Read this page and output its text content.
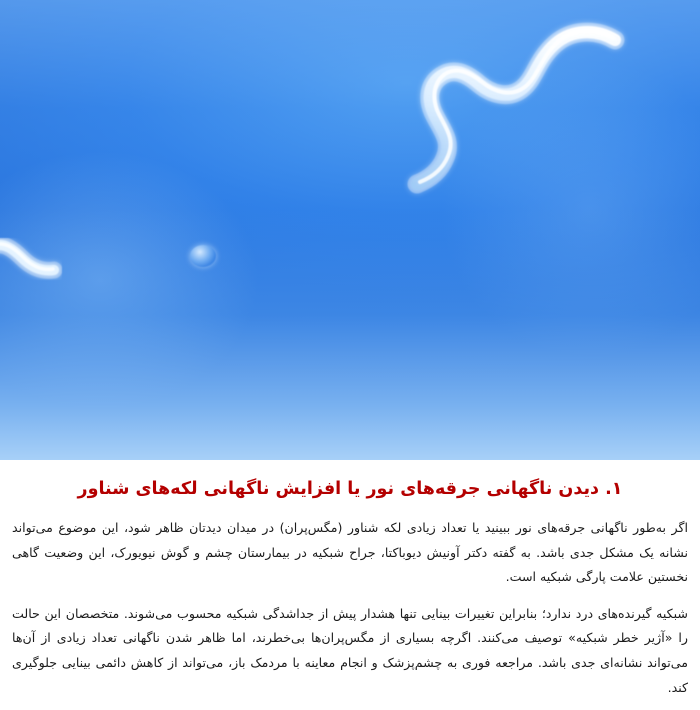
۱. دیدن ناگهانی جرقه‌های نور یا افزایش ناگهانی لکه‌های شناور

اگر به‌طور ناگهانی جرقه‌های نور ببینید یا تعداد زیادی لکه شناور (مگس‌پران) در میدان دیدتان ظاهر شود، این موضوع می‌تواند نشانه یک مشکل جدی باشد. به گفته دکتر آونیش دیوباکتا، جراح شبکیه در بیمارستان چشم و گوش نیویورک، این وضعیت گاهی نخستین علامت پارگی شبکیه است.

شبکیه گیرنده‌های درد ندارد؛ بنابراین تغییرات بینایی تنها هشدار پیش از جداشدگی شبکیه محسوب می‌شوند. متخصصان این حالت را «آژیر خطر شبکیه» توصیف می‌کنند. اگرچه بسیاری از مگس‌پران‌ها بی‌خطرند، اما ظاهر شدن ناگهانی تعداد زیادی از آن‌ها می‌تواند نشانه‌ای جدی باشد. مراجعه فوری به چشم‌پزشک و انجام معاینه با مردمک باز، می‌تواند از کاهش دائمی بینایی جلوگیری کند.
